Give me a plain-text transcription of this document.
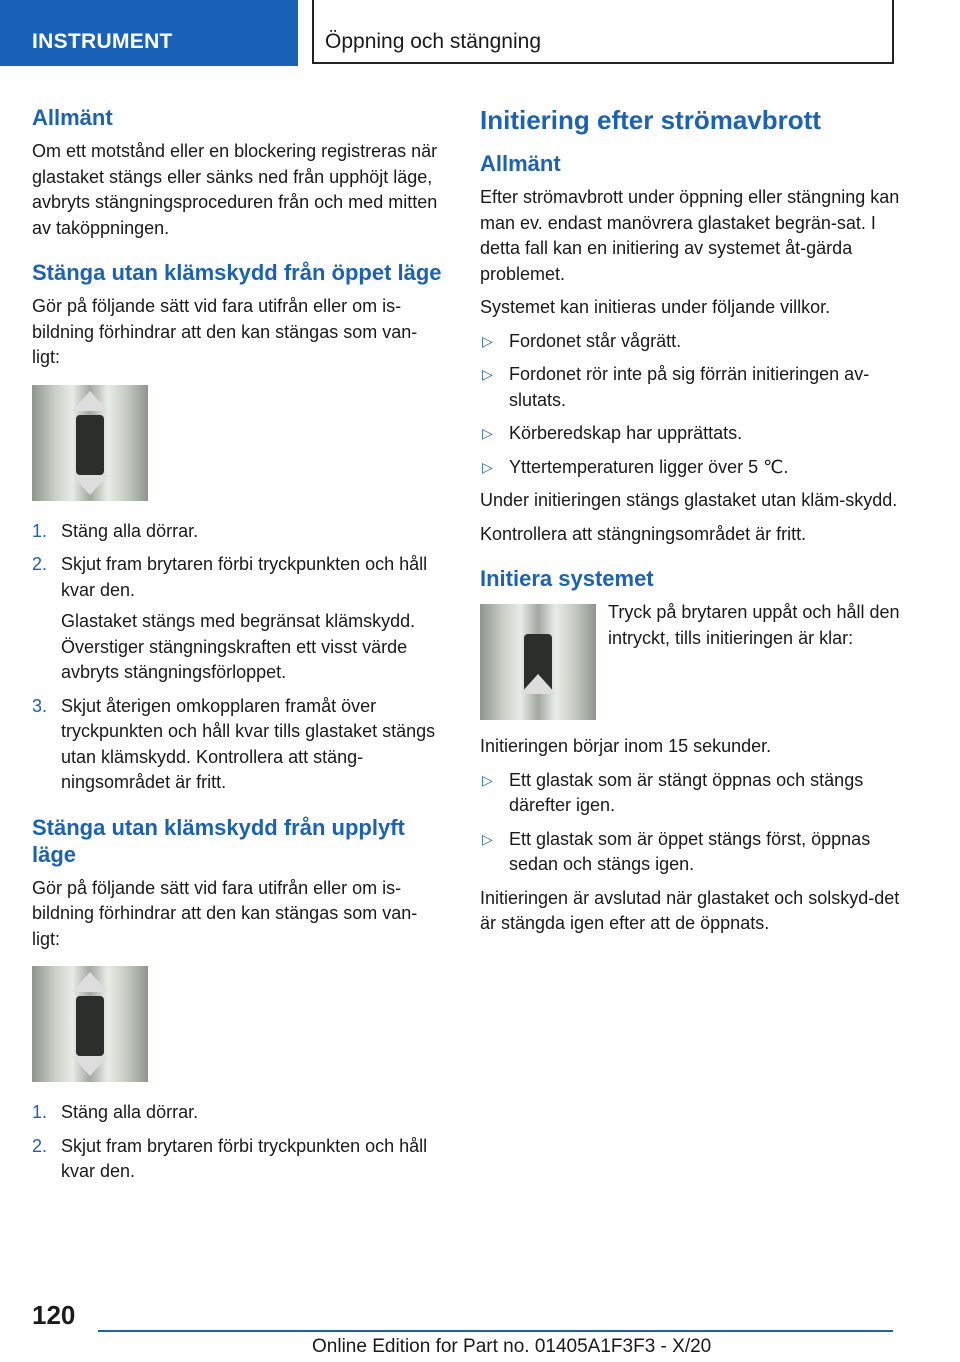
INSTRUMENT	Öppning och stängning
Allmänt

Om ett motstånd eller en blockering registreras när glastaket stängs eller sänks ned från upphöjt läge, avbryts stängningsproceduren från och med mitten av taköppningen.

Stänga utan klämskydd från öppet läge

Gör på följande sätt vid fara utifrån eller om is-bildning förhindrar att den kan stängas som van-ligt:

1. Stäng alla dörrar.
2. Skjut fram brytaren förbi tryckpunkten och håll kvar den.

Glastaket stängs med begränsat klämskydd. Överstiger stängningskraften ett visst värde avbryts stängningsförloppet.

3. Skjut återigen omkopplaren framåt över tryckpunkten och håll kvar tills glastaket stängs utan klämskydd. Kontrollera att stäng-ningsområdet är fritt.
Stänga utan klämskydd från upplyft läge

Gör på följande sätt vid fara utifrån eller om is-bildning förhindrar att den kan stängas som van-ligt:

1. Stäng alla dörrar.
2. Skjut fram brytaren förbi tryckpunkten och håll kvar den.
Initiering efter strömavbrott
Allmänt

Efter strömavbrott under öppning eller stängning kan man ev. endast manövrera glastaket begrän-sat. I detta fall kan en initiering av systemet åt-gärda problemet.

Systemet kan initieras under följande villkor.

▷ Fordonet står vågrätt.
▷ Fordonet rör inte på sig förrän initieringen av-slutats.
▷ Körberedskap har upprättats.
▷ Yttertemperaturen ligger över 5 ℃.

Under initieringen stängs glastaket utan kläm-skydd.

Kontrollera att stängningsområdet är fritt.

Initiera systemet

Tryck på brytaren uppåt och håll den intryckt, tills initieringen är klar:

Initieringen börjar inom 15 sekunder.

▷ Ett glastak som är stängt öppnas och stängs därefter igen.
▷ Ett glastak som är öppet stängs först, öppnas sedan och stängs igen.

Initieringen är avslutad när glastaket och solskyd-det är stängda igen efter att de öppnats.

120
Online Edition for Part no. 01405A1F3F3 - X/20
